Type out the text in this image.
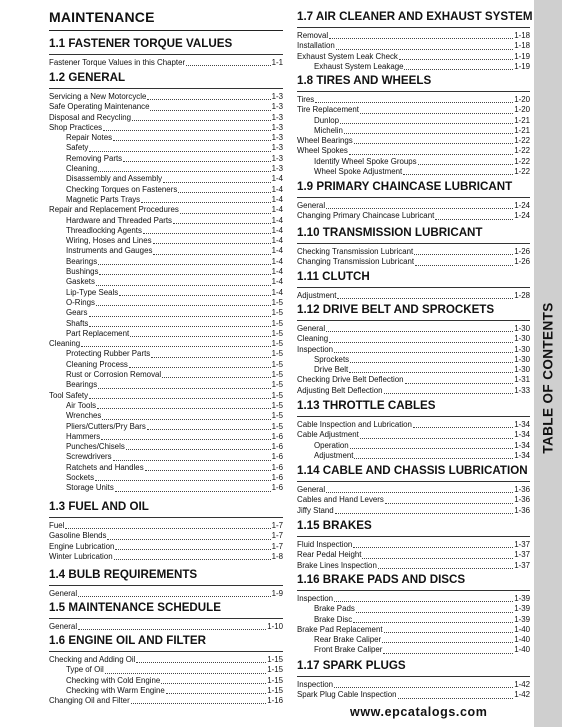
MAINTENANCE
1.1 FASTENER TORQUE VALUES
Fastener Torque Values in this Chapter	1-1
1.2 GENERAL
Servicing a New Motorcycle	1-3
Safe Operating Maintenance	1-3
Disposal and Recycling	1-3
Shop Practices	1-3
Repair Notes	1-3
Safety	1-3
Removing Parts	1-3
Cleaning	1-3
Disassembly and Assembly	1-4
Checking Torques on Fasteners	1-4
Magnetic Parts Trays	1-4
Repair and Replacement Procedures	1-4
Hardware and Threaded Parts	1-4
Threadlocking Agents	1-4
Wiring, Hoses and Lines	1-4
Instruments and Gauges	1-4
Bearings	1-4
Bushings	1-4
Gaskets	1-4
Lip-Type Seals	1-4
O-Rings	1-5
Gears	1-5
Shafts	1-5
Part Replacement	1-5
Cleaning	1-5
Protecting Rubber Parts	1-5
Cleaning Process	1-5
Rust or Corrosion Removal	1-5
Bearings	1-5
Tool Safety	1-5
Air Tools	1-5
Wrenches	1-5
Pliers/Cutters/Pry Bars	1-5
Hammers	1-6
Punches/Chisels	1-6
Screwdrivers	1-6
Ratchets and Handles	1-6
Sockets	1-6
Storage Units	1-6
1.3 FUEL AND OIL
Fuel	1-7
Gasoline Blends	1-7
Engine Lubrication	1-7
Winter Lubrication	1-8
1.4 BULB REQUIREMENTS
General	1-9
1.5 MAINTENANCE SCHEDULE
General	1-10
1.6 ENGINE OIL AND FILTER
Checking and Adding Oil	1-15
Type of Oil	1-15
Checking with Cold Engine	1-15
Checking with Warm Engine	1-15
Changing Oil and Filter	1-16
1.7 AIR CLEANER AND EXHAUST SYSTEM
Removal	1-18
Installation	1-18
Exhaust System Leak Check	1-19
Exhaust System Leakage	1-19
1.8 TIRES AND WHEELS
Tires	1-20
Tire Replacement	1-20
Dunlop	1-21
Michelin	1-21
Wheel Bearings	1-22
Wheel Spokes	1-22
Identify Wheel Spoke Groups	1-22
Wheel Spoke Adjustment	1-22
1.9 PRIMARY CHAINCASE LUBRICANT
General	1-24
Changing Primary Chaincase Lubricant	1-24
1.10 TRANSMISSION LUBRICANT
Checking Transmission Lubricant	1-26
Changing Transmission Lubricant	1-26
1.11 CLUTCH
Adjustment	1-28
1.12 DRIVE BELT AND SPROCKETS
General	1-30
Cleaning	1-30
Inspection	1-30
Sprockets	1-30
Drive Belt	1-30
Checking Drive Belt Deflection	1-31
Adjusting Belt Deflection	1-33
1.13 THROTTLE CABLES
Cable Inspection and Lubrication	1-34
Cable Adjustment	1-34
Operation	1-34
Adjustment	1-34
1.14 CABLE AND CHASSIS LUBRICATION
General	1-36
Cables and Hand Levers	1-36
Jiffy Stand	1-36
1.15 BRAKES
Fluid Inspection	1-37
Rear Pedal Height	1-37
Brake Lines Inspection	1-37
1.16 BRAKE PADS AND DISCS
Inspection	1-39
Brake Pads	1-39
Brake Disc	1-39
Brake Pad Replacement	1-40
Rear Brake Caliper	1-40
Front Brake Caliper	1-40
1.17 SPARK PLUGS
Inspection	1-42
Spark Plug Cable Inspection	1-42
TABLE OF CONTENTS
www.epcatalogs.com
